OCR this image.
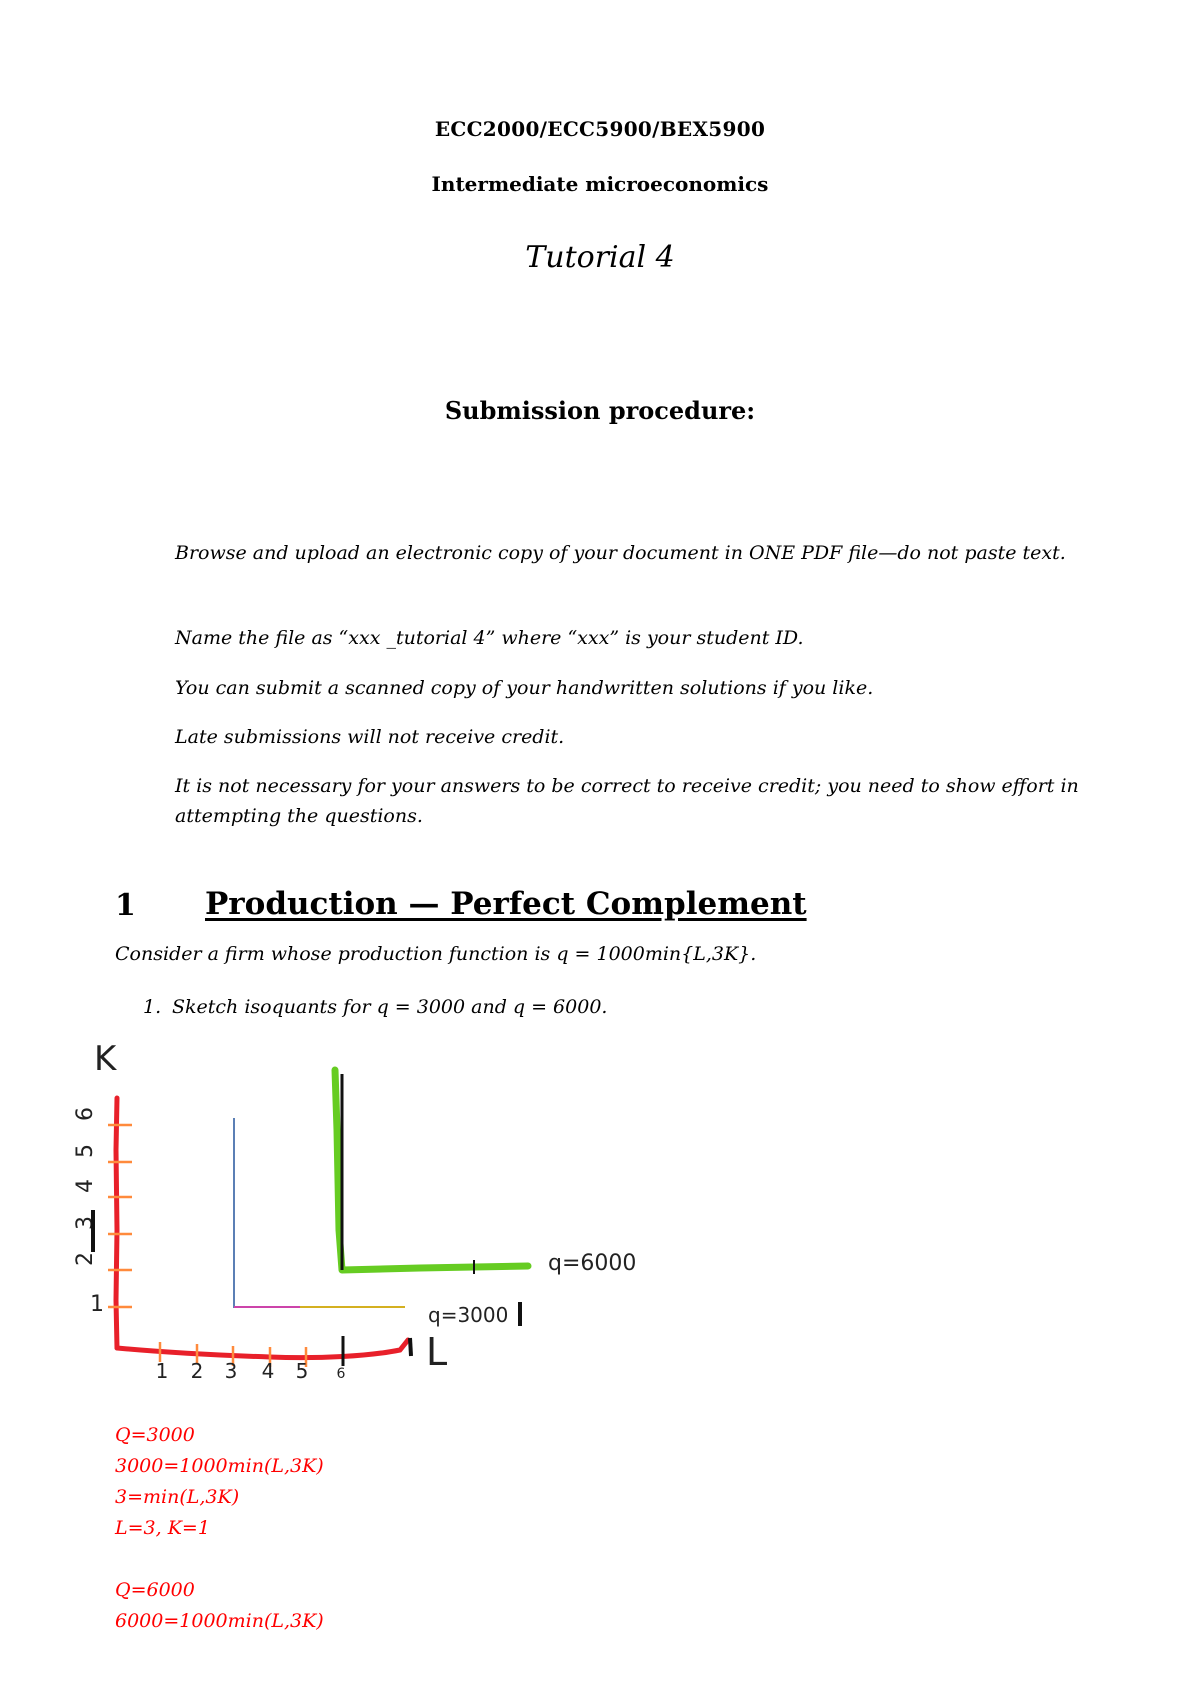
ECC2000/ECC5900/BEX5900
Intermediate microeconomics
Tutorial 4
Submission procedure:
Browse and upload an electronic copy of your document in ONE PDF file—do not paste text.
Name the file as “xxx _tutorial 4” where “xxx” is your student ID.
You can submit a scanned copy of your handwritten solutions if you like.
Late submissions will not receive credit.
It is not necessary for your answers to be correct to receive credit; you need to show effort in attempting the questions.
1 Production — Perfect Complement
Consider a firm whose production function is q = 1000min{L,3K}.
1. Sketch isoquants for q = 3000 and q = 6000.
K
6
5
4
3
2
1
1 2 3 4 5 6 L
q=3000
q=6000
Q=3000
3000=1000min(L,3K)
3=min(L,3K)
L=3, K=1
Q=6000
6000=1000min(L,3K)
